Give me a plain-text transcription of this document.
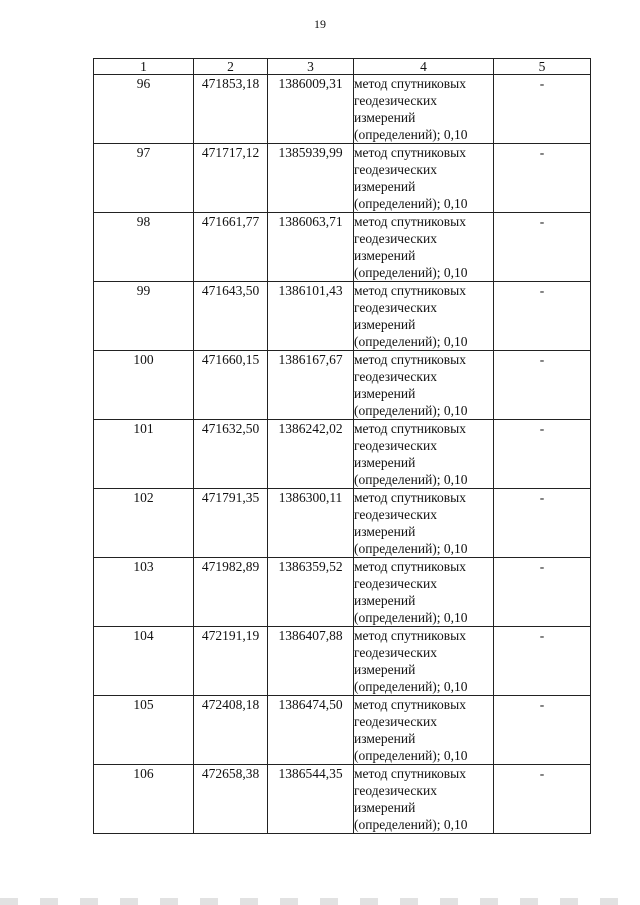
19
1	2	3	4	5
96	471853,18	1386009,31	метод спутниковых
геодезических
измерений
(определений); 0,10	-
97	471717,12	1385939,99	метод спутниковых
геодезических
измерений
(определений); 0,10	-
98	471661,77	1386063,71	метод спутниковых
геодезических
измерений
(определений); 0,10	-
99	471643,50	1386101,43	метод спутниковых
геодезических
измерений
(определений); 0,10	-
100	471660,15	1386167,67	метод спутниковых
геодезических
измерений
(определений); 0,10	-
101	471632,50	1386242,02	метод спутниковых
геодезических
измерений
(определений); 0,10	-
102	471791,35	1386300,11	метод спутниковых
геодезических
измерений
(определений); 0,10	-
103	471982,89	1386359,52	метод спутниковых
геодезических
измерений
(определений); 0,10	-
104	472191,19	1386407,88	метод спутниковых
геодезических
измерений
(определений); 0,10	-
105	472408,18	1386474,50	метод спутниковых
геодезических
измерений
(определений); 0,10	-
106	472658,38	1386544,35	метод спутниковых
геодезических
измерений
(определений); 0,10	-
